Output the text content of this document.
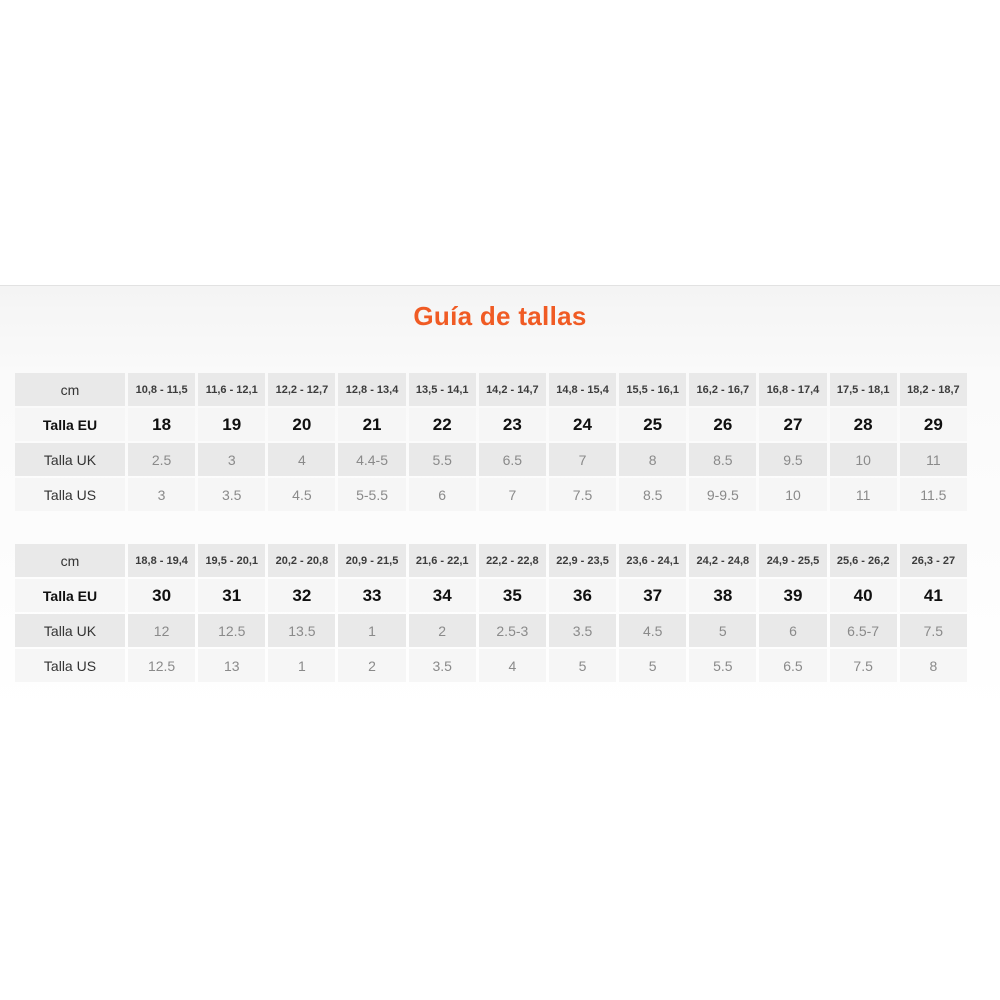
Guía de tallas
cm	10,8 - 11,5	11,6 - 12,1	12,2 - 12,7	12,8 - 13,4	13,5 - 14,1	14,2 - 14,7	14,8 - 15,4	15,5 - 16,1	16,2 - 16,7	16,8 - 17,4	17,5 - 18,1	18,2 - 18,7
Talla EU	18	19	20	21	22	23	24	25	26	27	28	29
Talla UK	2.5	3	4	4.4-5	5.5	6.5	7	8	8.5	9.5	10	11
Talla US	3	3.5	4.5	5-5.5	6	7	7.5	8.5	9-9.5	10	11	11.5
cm	18,8 - 19,4	19,5 - 20,1	20,2 - 20,8	20,9 - 21,5	21,6 - 22,1	22,2 - 22,8	22,9 - 23,5	23,6 - 24,1	24,2 - 24,8	24,9 - 25,5	25,6 - 26,2	26,3 - 27
Talla EU	30	31	32	33	34	35	36	37	38	39	40	41
Talla UK	12	12.5	13.5	1	2	2.5-3	3.5	4.5	5	6	6.5-7	7.5
Talla US	12.5	13	1	2	3.5	4	5	5	5.5	6.5	7.5	8
